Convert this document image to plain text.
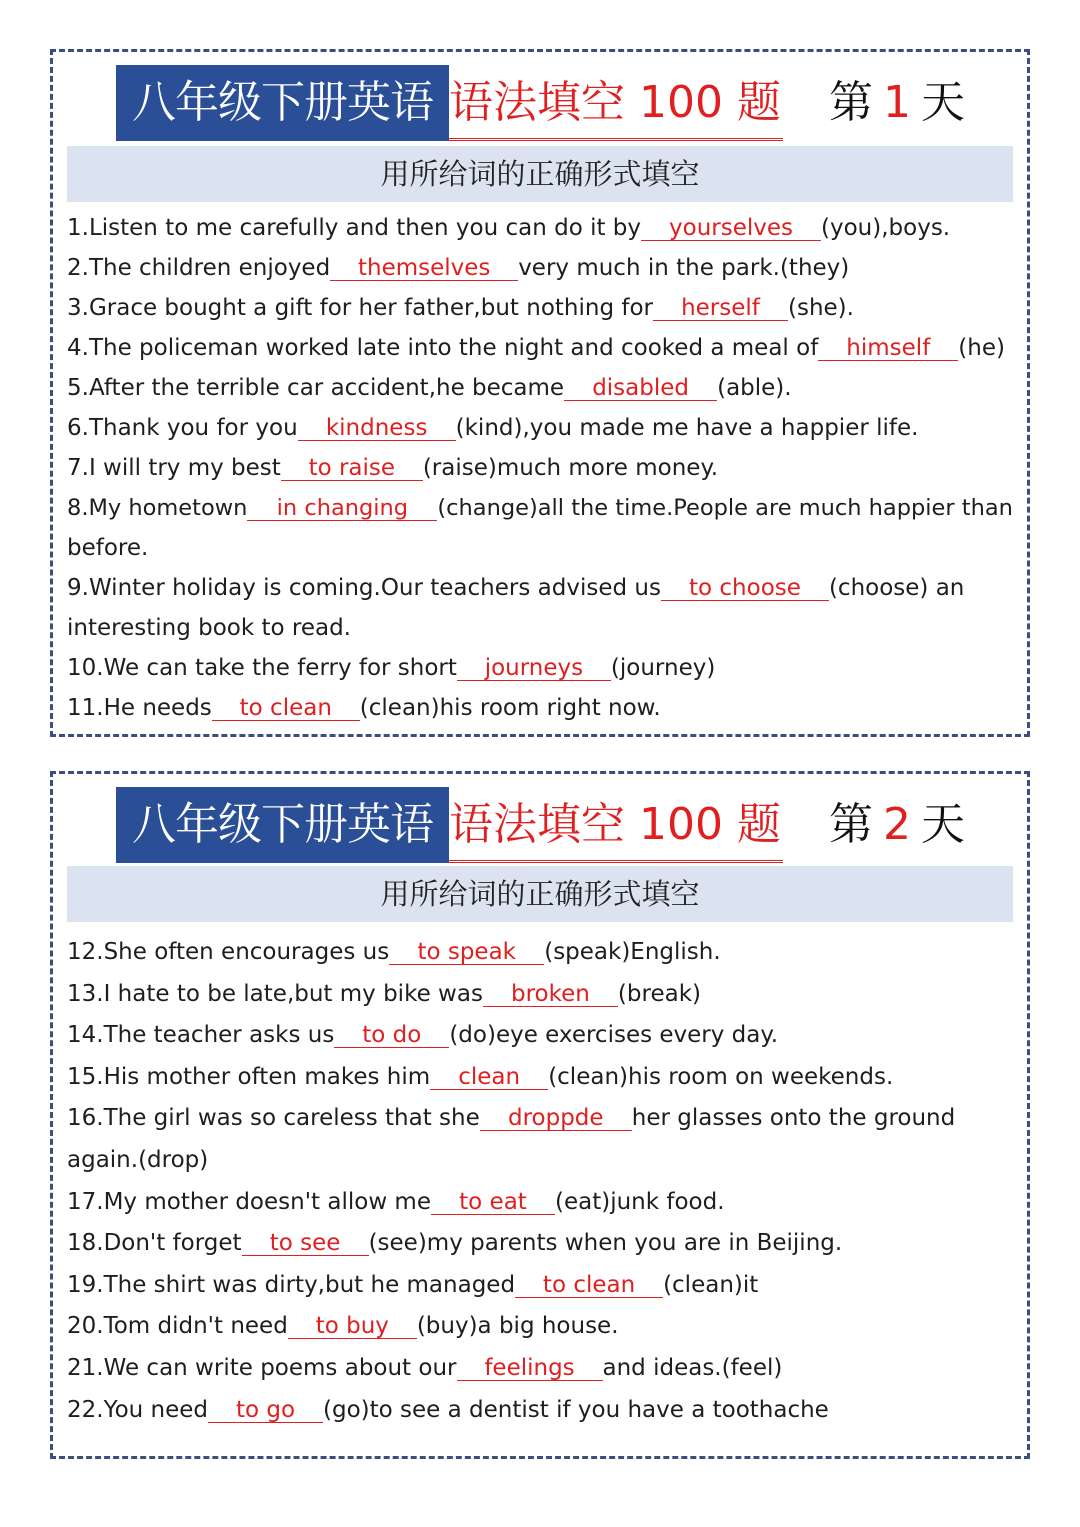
八年级下册英语 语法填空 100 题 第 1 天
用所给词的正确形式填空
1.Listen to me carefully and then you can do it by yourselves (you),boys.
2.The children enjoyed themselves very much in the park.(they)
3.Grace bought a gift for her father,but nothing for herself (she).
4.The policeman worked late into the night and cooked a meal of himself (he)
5.After the terrible car accident,he became disabled (able).
6.Thank you for you kindness (kind),you made me have a happier life.
7.I will try my best to raise (raise)much more money.
8.My hometown in changing (change)all the time.People are much happier than
before.
9.Winter holiday is coming.Our teachers advised us to choose (choose) an
interesting book to read.
10.We can take the ferry for short journeys (journey)
11.He needs to clean (clean)his room right now.
八年级下册英语 语法填空 100 题 第 2 天
用所给词的正确形式填空
12.She often encourages us to speak (speak)English.
13.I hate to be late,but my bike was broken (break)
14.The teacher asks us to do (do)eye exercises every day.
15.His mother often makes him clean (clean)his room on weekends.
16.The girl was so careless that she droppde her glasses onto the ground
again.(drop)
17.My mother doesn't allow me to eat (eat)junk food.
18.Don't forget to see (see)my parents when you are in Beijing.
19.The shirt was dirty,but he managed to clean (clean)it
20.Tom didn't need to buy (buy)a big house.
21.We can write poems about our feelings and ideas.(feel)
22.You need to go (go)to see a dentist if you have a toothache
